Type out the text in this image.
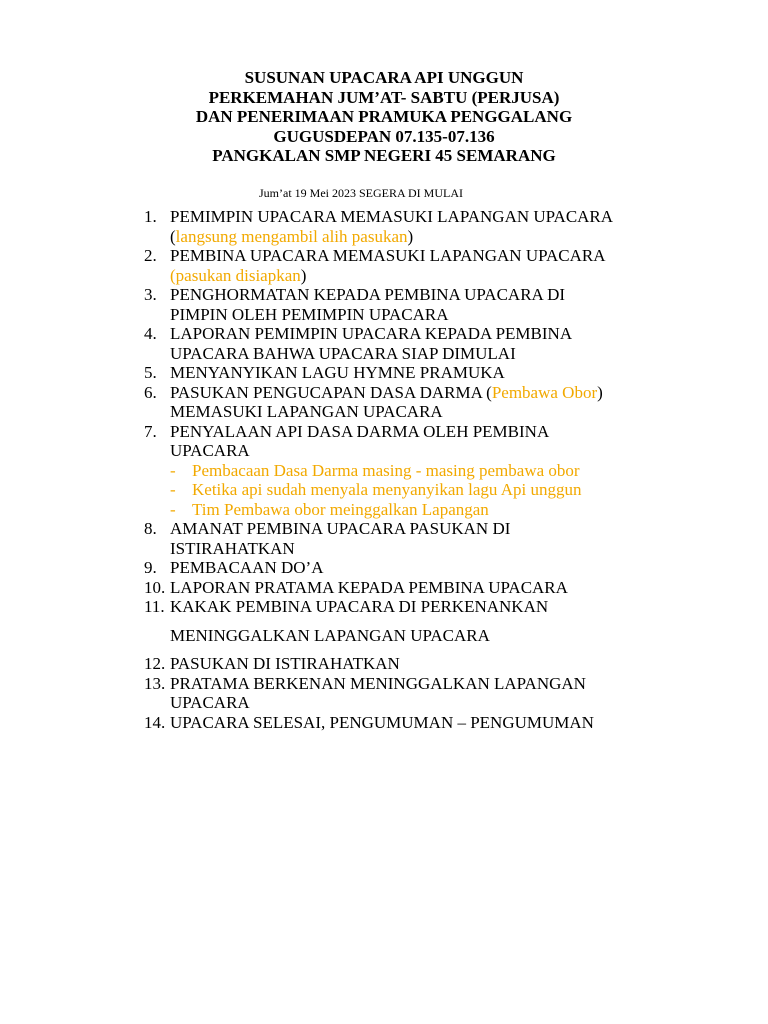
SUSUNAN UPACARA API UNGGUN
PERKEMAHAN JUM’AT- SABTU (PERJUSA)
DAN PENERIMAAN PRAMUKA PENGGALANG
GUGUSDEPAN 07.135-07.136
PANGKALAN SMP NEGERI 45 SEMARANG
Jum’at 19 Mei 2023 SEGERA DI MULAI
1. PEMIMPIN UPACARA MEMASUKI LAPANGAN UPACARA (langsung mengambil alih pasukan)
2. PEMBINA UPACARA MEMASUKI LAPANGAN UPACARA (pasukan disiapkan)
3. PENGHORMATAN KEPADA PEMBINA UPACARA DI PIMPIN OLEH PEMIMPIN UPACARA
4. LAPORAN PEMIMPIN UPACARA KEPADA PEMBINA UPACARA BAHWA UPACARA SIAP DIMULAI
5. MENYANYIKAN LAGU HYMNE PRAMUKA
6. PASUKAN PENGUCAPAN DASA DARMA (Pembawa Obor) MEMASUKI LAPANGAN UPACARA
7. PENYALAAN API DASA DARMA OLEH PEMBINA UPACARA
- Pembacaan Dasa Darma masing - masing pembawa obor
- Ketika api sudah menyala menyanyikan lagu Api unggun
- Tim Pembawa obor meinggalkan Lapangan
8. AMANAT PEMBINA UPACARA PASUKAN DI ISTIRAHATKAN
9. PEMBACAAN DO’A
10. LAPORAN PRATAMA KEPADA PEMBINA UPACARA
11. KAKAK PEMBINA UPACARA DI PERKENANKAN
MENINGGALKAN LAPANGAN UPACARA
12. PASUKAN DI ISTIRAHATKAN
13. PRATAMA BERKENAN MENINGGALKAN LAPANGAN UPACARA
14. UPACARA SELESAI, PENGUMUMAN – PENGUMUMAN
